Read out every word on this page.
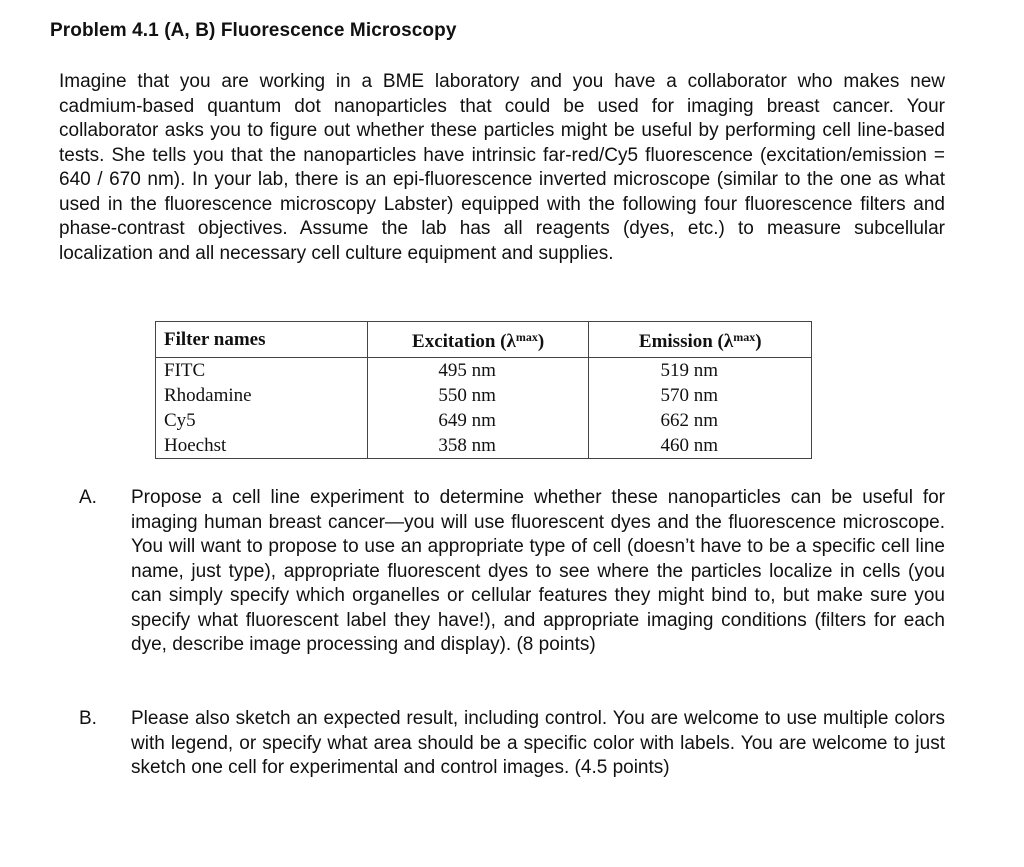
Problem 4.1 (A, B) Fluorescence Microscopy

Imagine that you are working in a BME laboratory and you have a collaborator who makes new cadmium-based quantum dot nanoparticles that could be used for imaging breast cancer. Your collaborator asks you to figure out whether these particles might be useful by performing cell line-based tests. She tells you that the nanoparticles have intrinsic far-red/Cy5 fluorescence (excitation/emission = 640 / 670 nm). In your lab, there is an epi-fluorescence inverted microscope (similar to the one as what used in the fluorescence microscopy Labster) equipped with the following four fluorescence filters and phase-contrast objectives. Assume the lab has all reagents (dyes, etc.) to measure subcellular localization and all necessary cell culture equipment and supplies.

Filter names	Excitation $(\lambda^{max})$	Emission $(\lambda^{max})$
FITC	495 nm	519 nm
Rhodamine	550 nm	570 nm
Cy5	649 nm	662 nm
Hoechst	358 nm	460 nm
A. Propose a cell line experiment to determine whether these nanoparticles can be useful for imaging human breast cancer—you will use fluorescent dyes and the fluorescence microscope. You will want to propose to use an appropriate type of cell (doesn’t have to be a specific cell line name, just type), appropriate fluorescent dyes to see where the particles localize in cells (you can simply specify which organelles or cellular features they might bind to, but make sure you specify what fluorescent label they have!), and appropriate imaging conditions (filters for each dye, describe image processing and display). (8 points)
B. Please also sketch an expected result, including control. You are welcome to use multiple colors with legend, or specify what area should be a specific color with labels. You are welcome to just sketch one cell for experimental and control images. (4.5 points)
